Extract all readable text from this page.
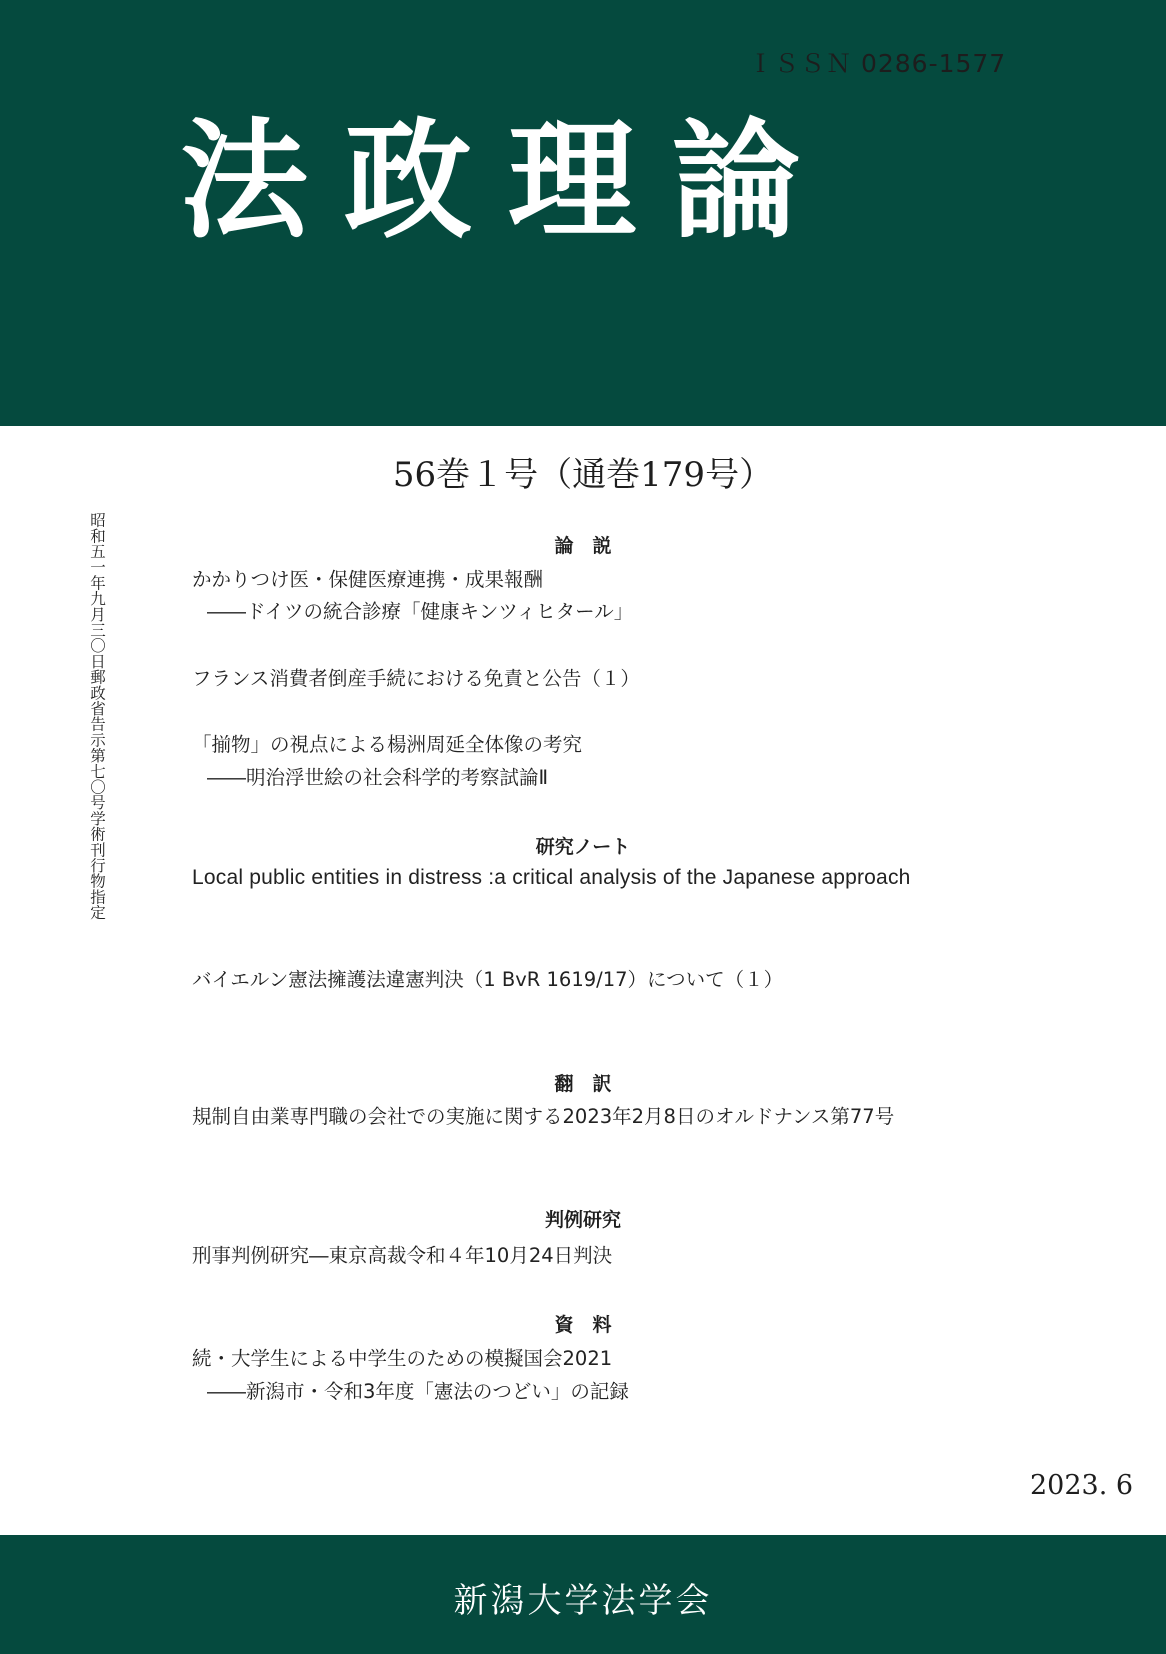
ＩＳＳＮ 0286-1577
法政理論
56巻１号（通巻179号）
昭和五一年九月三〇日郵政省告示第七〇号学術刊行物指定	論　説
かかりつけ医・保健医療連携・成果報酬
――ドイツの統合診療「健康キンツィヒタール」
フランス消費者倒産手続における免責と公告（１）
「揃物」の視点による楊洲周延全体像の考究
――明治浮世絵の社会科学的考察試論Ⅱ
研究ノート
Local public entities in distress :a critical analysis of the Japanese approach
バイエルン憲法擁護法違憲判決（1 BvR 1619/17）について（１）
翻　訳
規制自由業専門職の会社での実施に関する2023年2月8日のオルドナンス第77号
判例研究
刑事判例研究―東京高裁令和４年10月24日判決
資　料
続・大学生による中学生のための模擬国会2021
――新潟市・令和3年度「憲法のつどい」の記録
2023. 6
新潟大学法学会
